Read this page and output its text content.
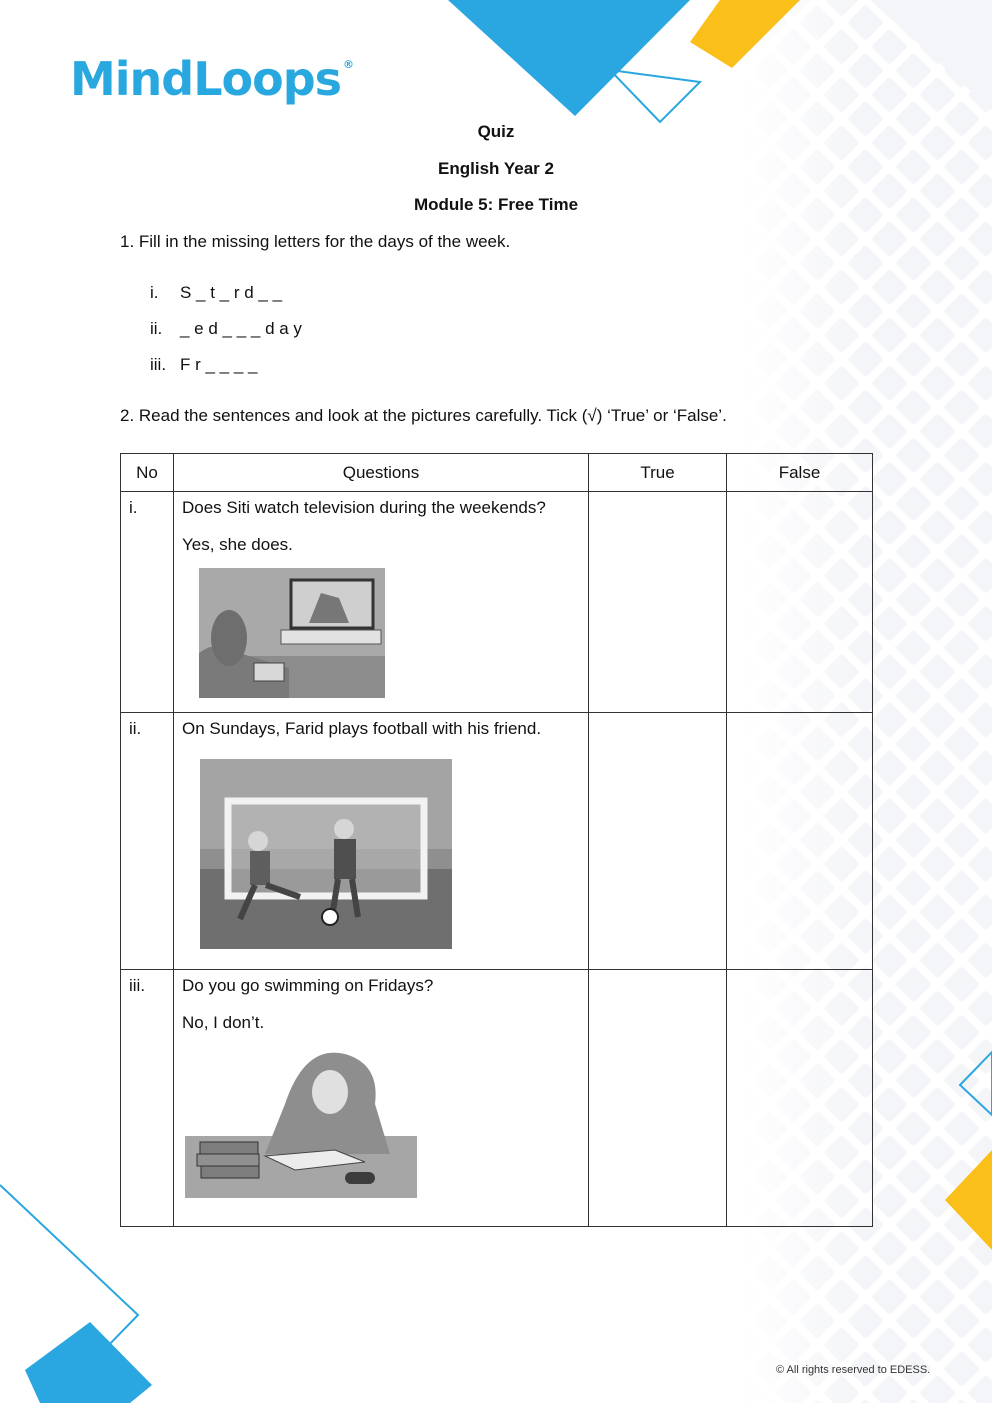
MindLoops ®
Quiz
English Year 2
Module 5: Free Time
1. Fill in the missing letters for the days of the week.
i. S _ t _ r d _ _
ii. _ e d _ _ _ d a y
iii. F r _ _ _ _
2. Read the sentences and look at the pictures carefully. Tick (√) ‘True’ or ‘False’.
No	Questions	True	False
i.	Does Siti watch television during the weekends?
Yes, she does.		

ii.	On Sundays, Farid plays football with his friend.		

iii.	Do you go swimming on Fridays?
No, I don’t.		

© All rights reserved to EDESS.
